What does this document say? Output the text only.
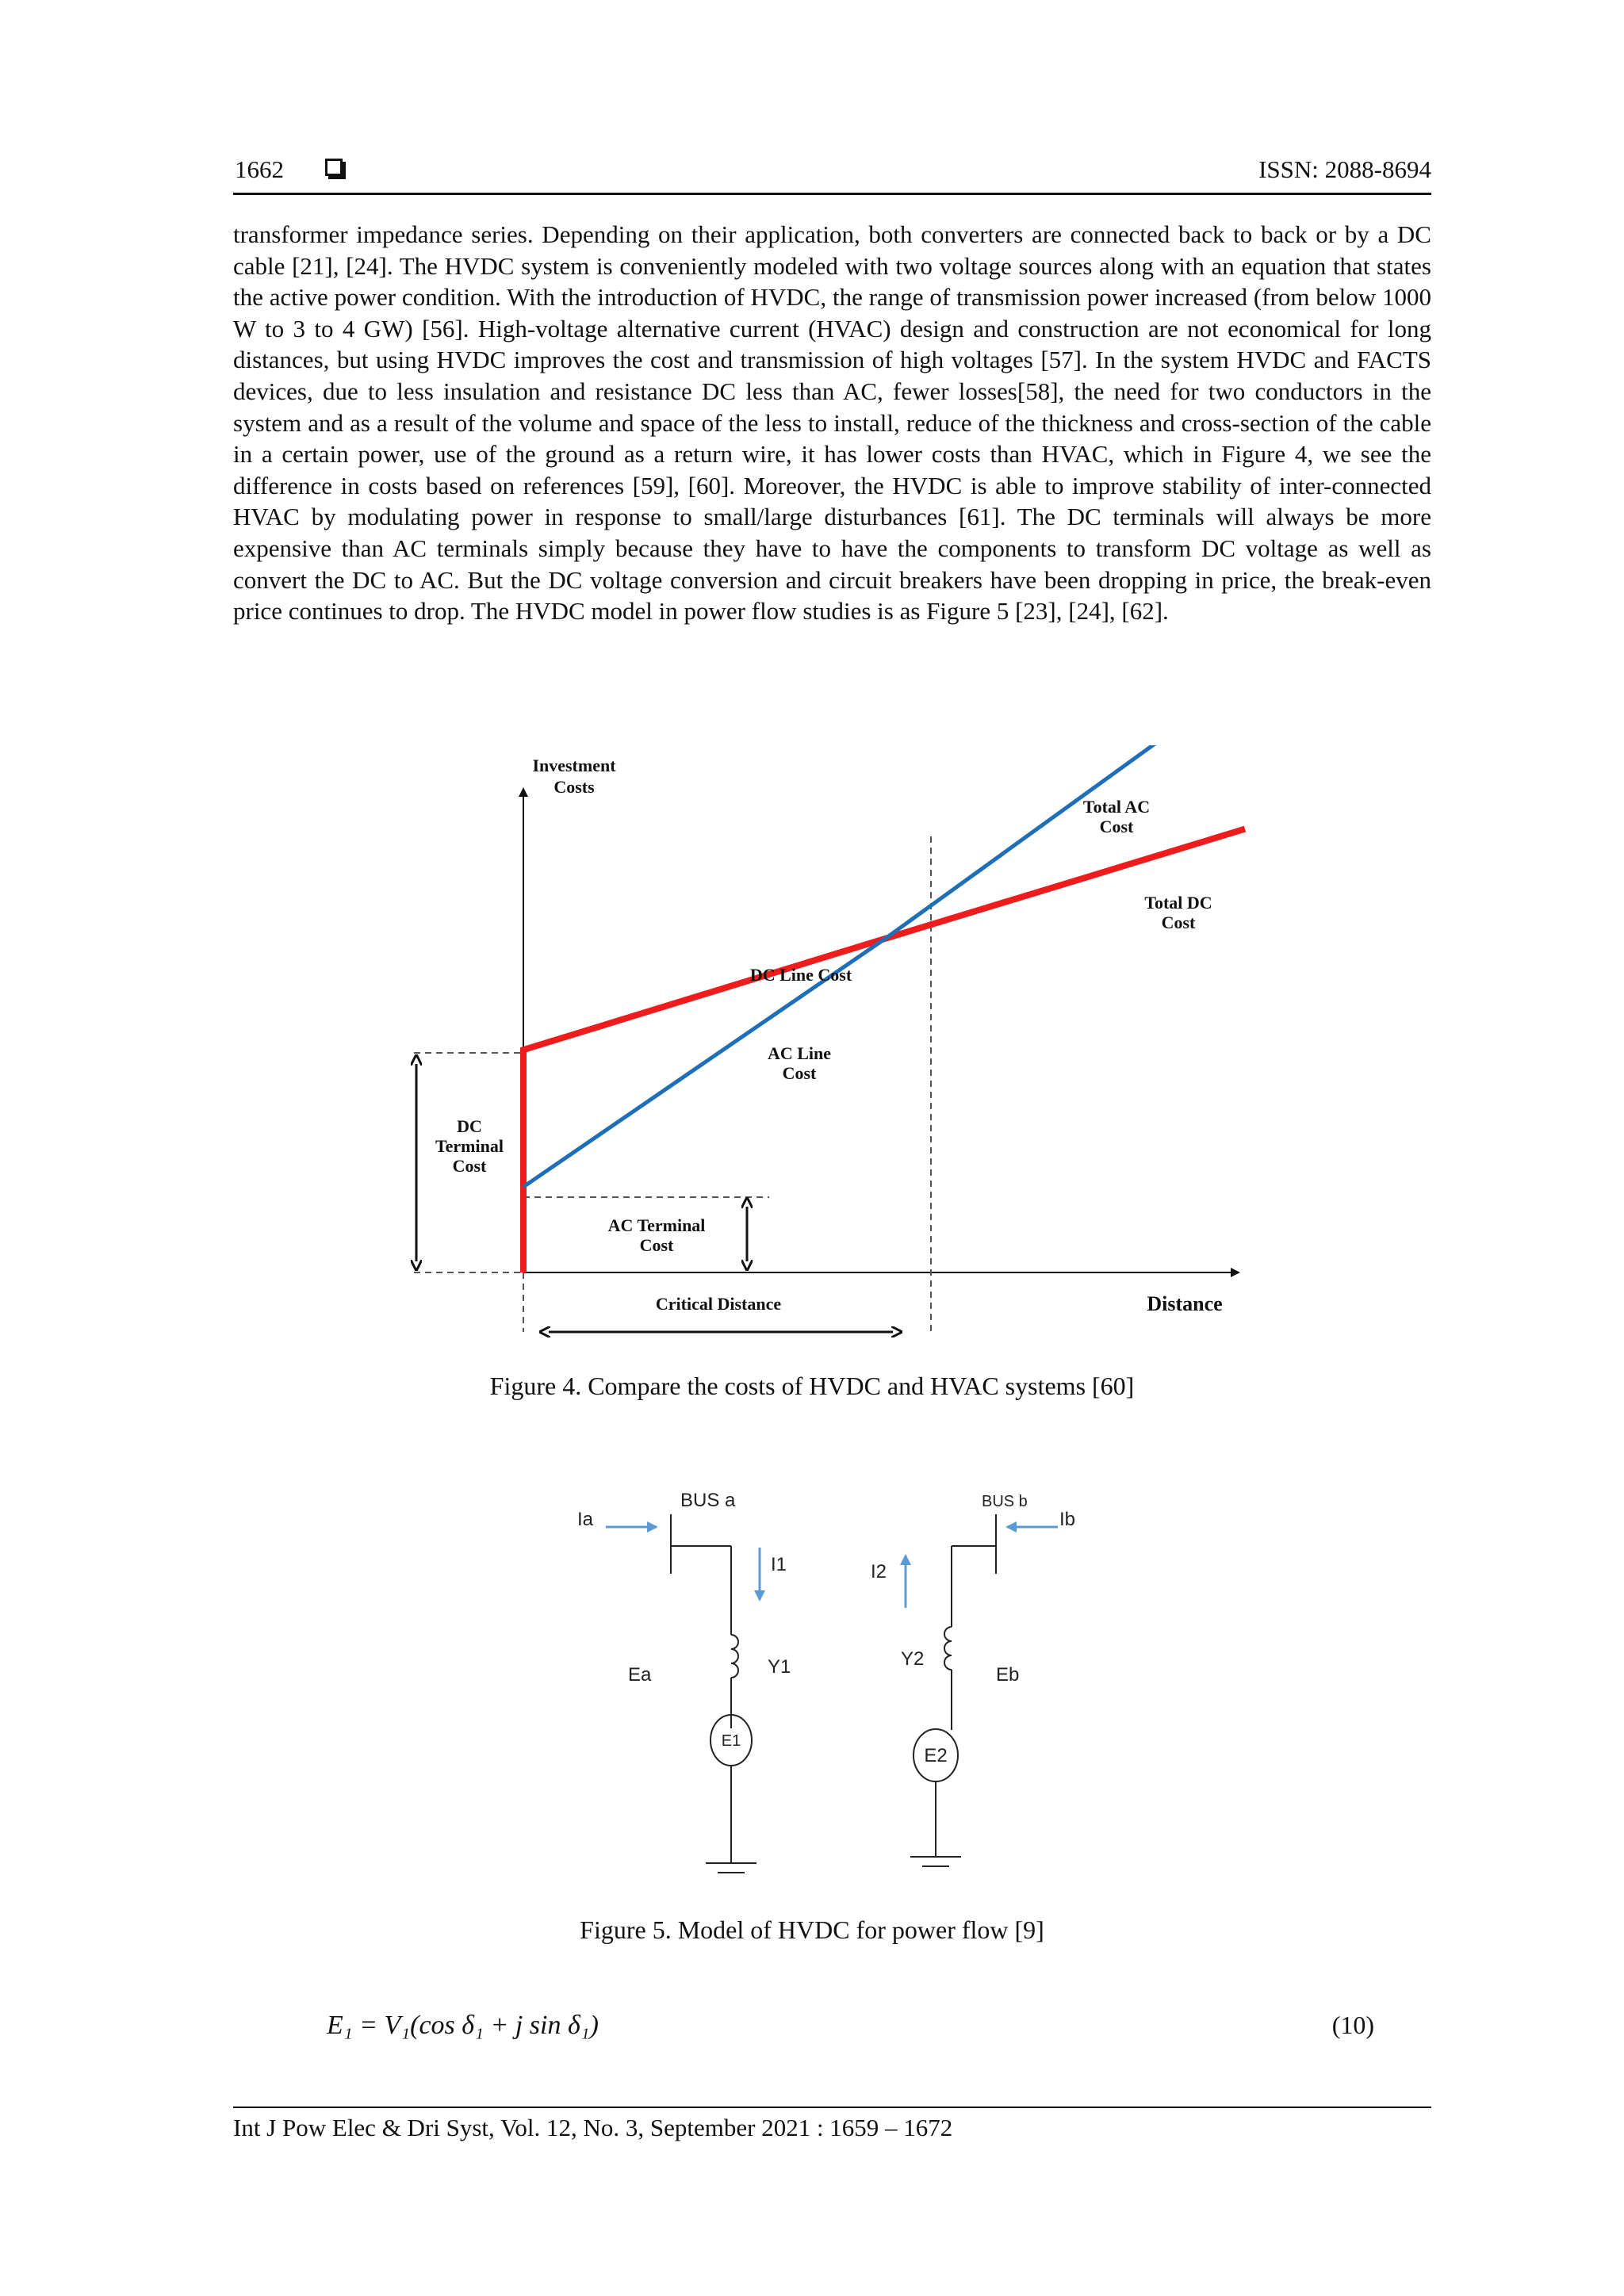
1662	ISSN: 2088-8694
transformer impedance series. Depending on their application, both converters are connected back to back or by a DC cable [21], [24]. The HVDC system is conveniently modeled with two voltage sources along with an equation that states the active power condition. With the introduction of HVDC, the range of transmission power increased (from below 1000 W to 3 to 4 GW) [56]. High-voltage alternative current (HVAC) design and construction are not economical for long distances, but using HVDC improves the cost and transmission of high voltages [57]. In the system HVDC and FACTS devices, due to less insulation and resistance DC less than AC, fewer losses[58], the need for two conductors in the system and as a result of the volume and space of the less to install, reduce of the thickness and cross-section of the cable in a certain power, use of the ground as a return wire, it has lower costs than HVAC, which in Figure 4, we see the difference in costs based on references [59], [60]. Moreover, the HVDC is able to improve stability of inter-connected HVAC by modulating power in response to small/large disturbances [61]. The DC terminals will always be more expensive than AC terminals simply because they have to have the components to transform DC voltage as well as convert the DC to AC. But the DC voltage conversion and circuit breakers have been dropping in price, the break-even price continues to drop. The HVDC model in power flow studies is as Figure 5 [23], [24], [62].
Investment
Costs
Total AC
Cost
Total DC
Cost
DC Line Cost
AC Line
Cost
DC
Terminal
Cost
AC Terminal
Cost
Critical Distance	Distance
Figure 4. Compare the costs of HVDC and HVAC systems [60]
BUS a	BUS b
Ia	Ib
I1	I2
Ea	Eb
Y1	Y2
E1
E2
Figure 5. Model of HVDC for power flow [9]
E₁ = V₁(cos δ₁ + j sin δ₁)	(10)
Int J Pow Elec & Dri Syst, Vol. 12, No. 3, September 2021 : 1659 – 1672
